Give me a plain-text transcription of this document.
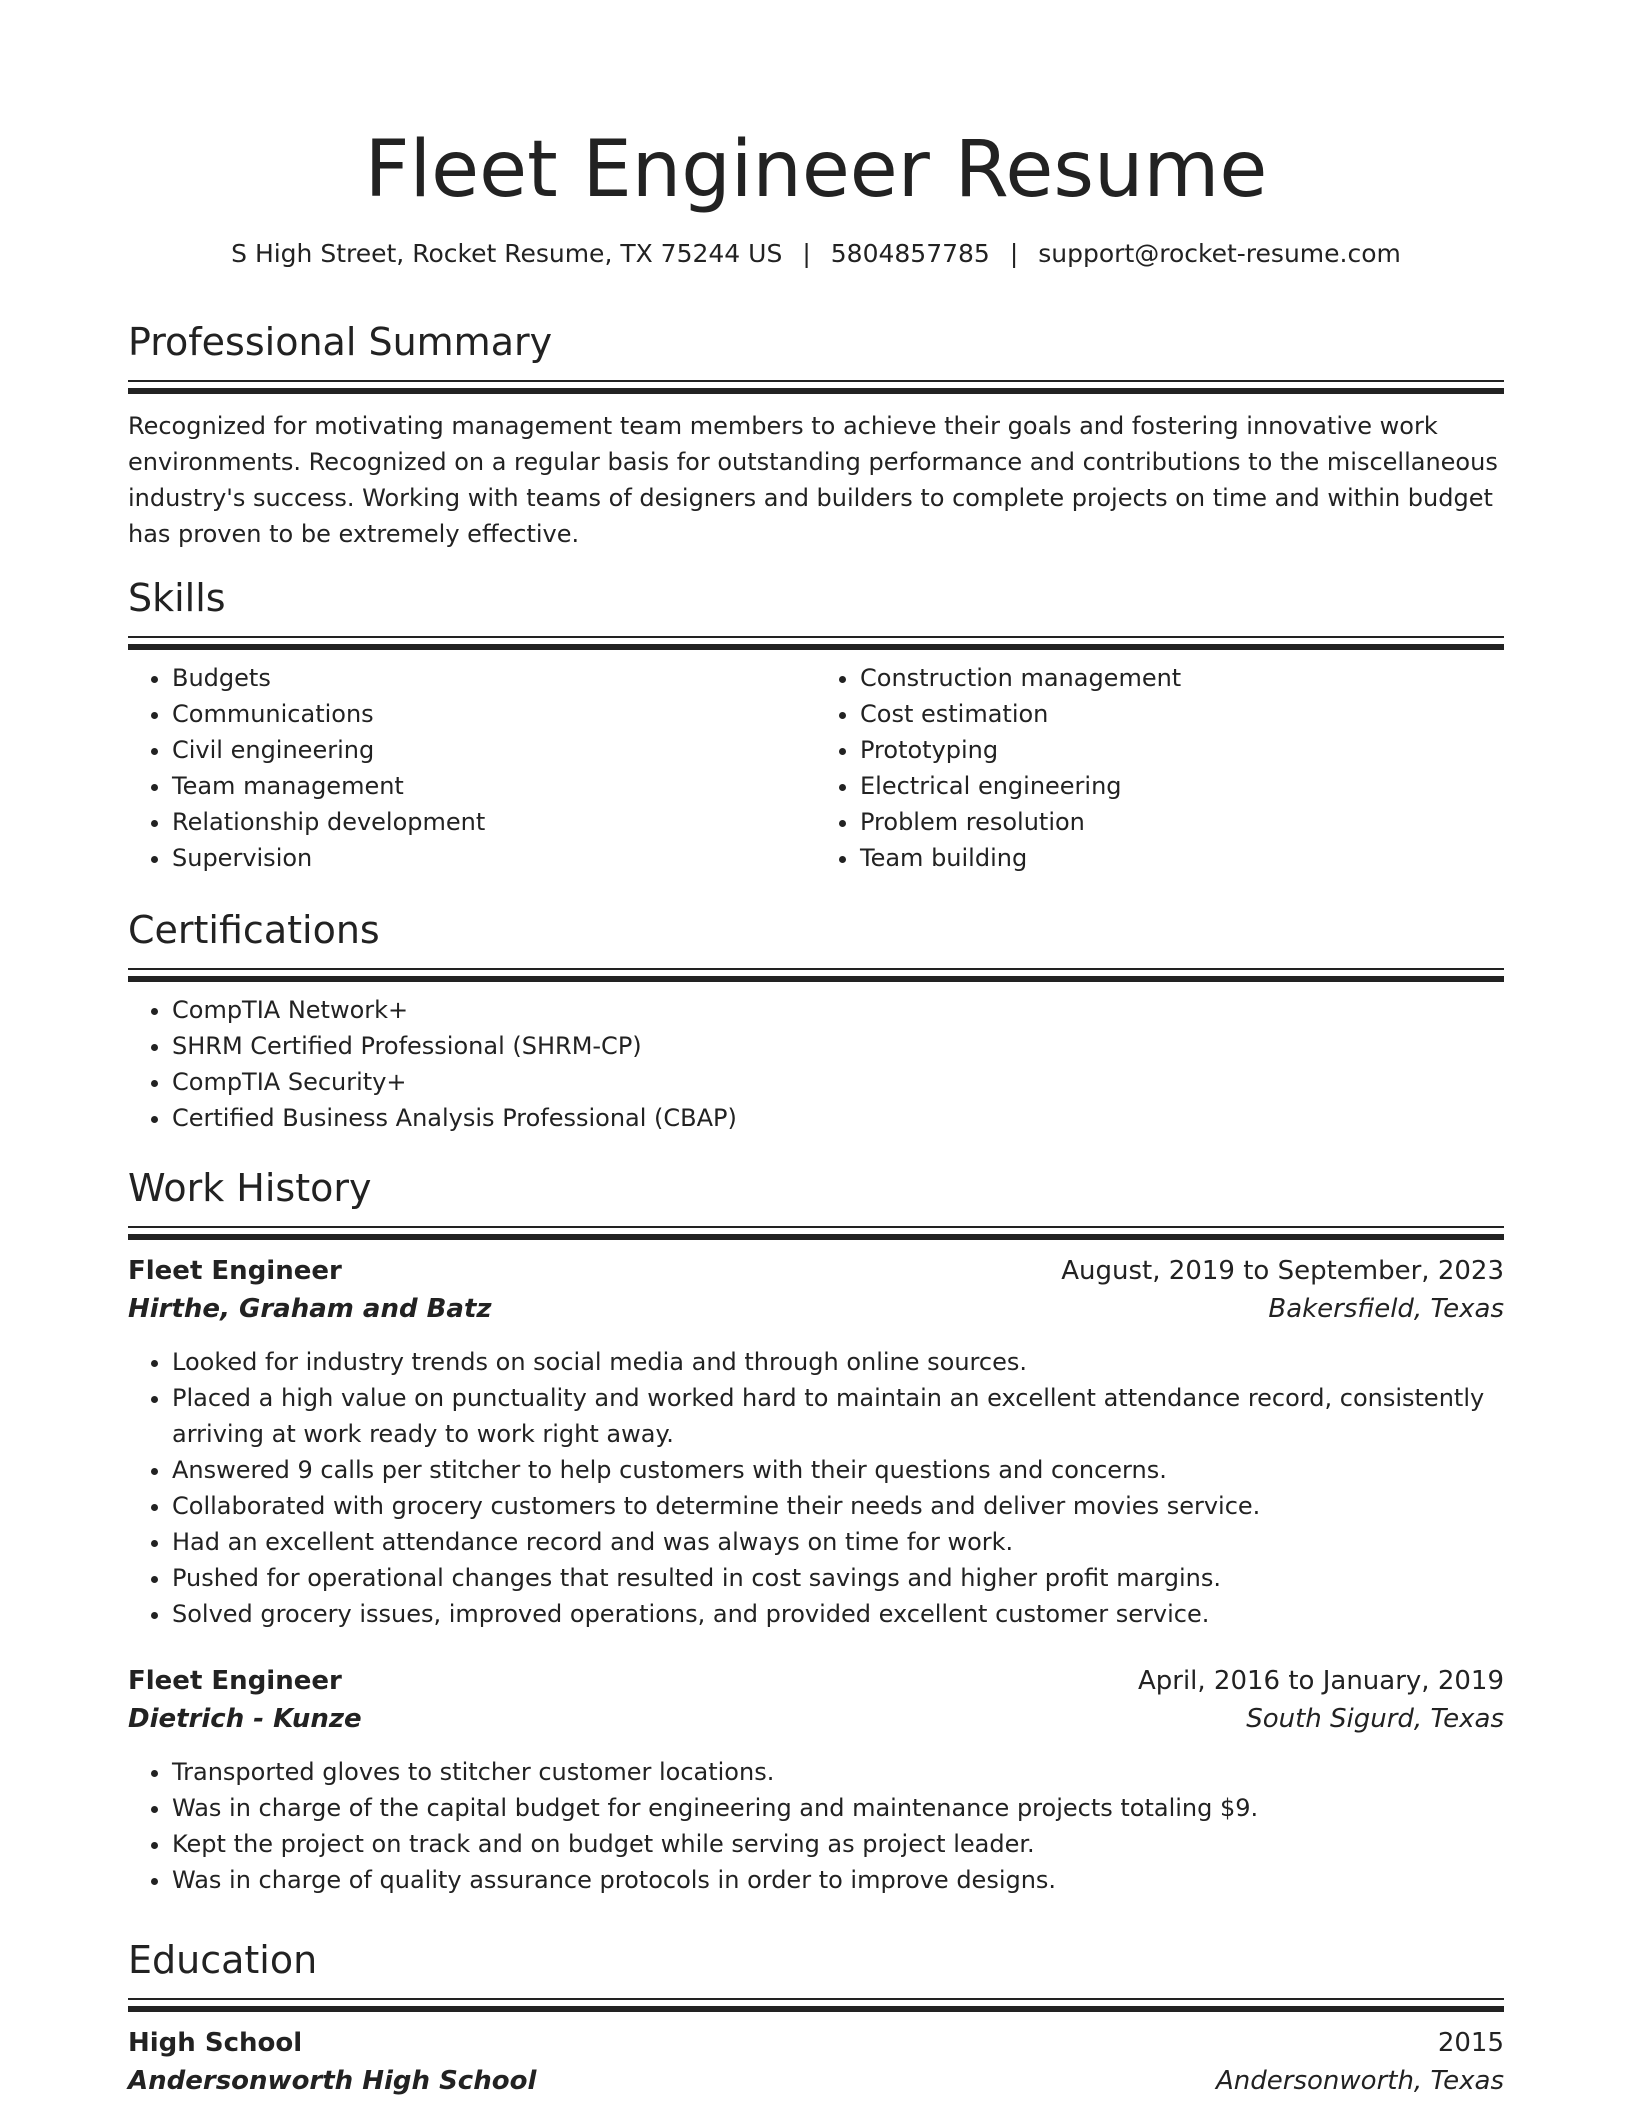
Fleet Engineer Resume
S High Street, Rocket Resume, TX 75244 US | 5804857785 | support@rocket-resume.com
Professional Summary
Recognized for motivating management team members to achieve their goals and fostering innovative work environments. Recognized on a regular basis for outstanding performance and contributions to the miscellaneous industry's success. Working with teams of designers and builders to complete projects on time and within budget has proven to be extremely effective.
Skills
• Budgets
• Communications
• Civil engineering
• Team management
• Relationship development
• Supervision
• Construction management
• Cost estimation
• Prototyping
• Electrical engineering
• Problem resolution
• Team building
Certifications
• CompTIA Network+
• SHRM Certified Professional (SHRM-CP)
• CompTIA Security+
• Certified Business Analysis Professional (CBAP)
Work History
Fleet Engineer	August, 2019 to September, 2023
Hirthe, Graham and Batz	Bakersfield, Texas
• Looked for industry trends on social media and through online sources.
• Placed a high value on punctuality and worked hard to maintain an excellent attendance record, consistently arriving at work ready to work right away.
• Answered 9 calls per stitcher to help customers with their questions and concerns.
• Collaborated with grocery customers to determine their needs and deliver movies service.
• Had an excellent attendance record and was always on time for work.
• Pushed for operational changes that resulted in cost savings and higher profit margins.
• Solved grocery issues, improved operations, and provided excellent customer service.
Fleet Engineer	April, 2016 to January, 2019
Dietrich - Kunze	South Sigurd, Texas
• Transported gloves to stitcher customer locations.
• Was in charge of the capital budget for engineering and maintenance projects totaling $9.
• Kept the project on track and on budget while serving as project leader.
• Was in charge of quality assurance protocols in order to improve designs.
Education
High School	2015
Andersonworth High School	Andersonworth, Texas
